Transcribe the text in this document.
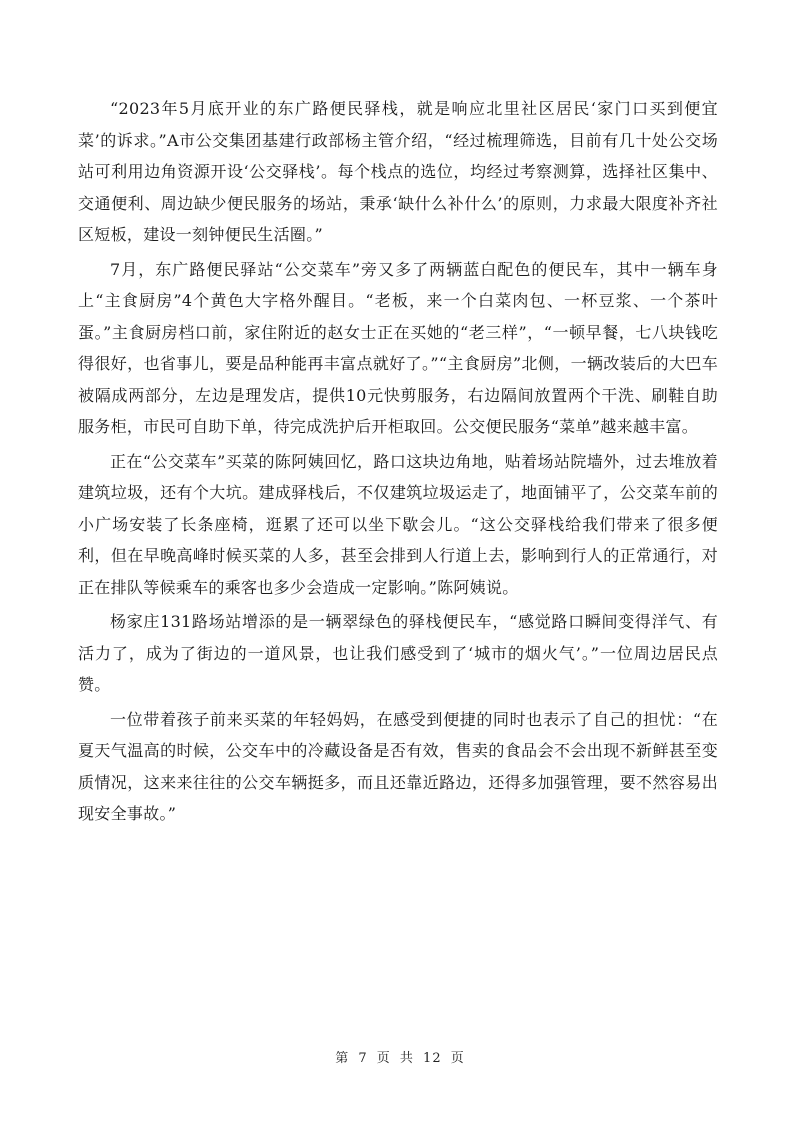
“2023年5月底开业的东广路便民驿栈，就是响应北里社区居民‘家门口买到便宜菜’的诉求。”A市公交集团基建行政部杨主管介绍，“经过梳理筛选，目前有几十处公交场站可利用边角资源开设‘公交驿栈’。每个栈点的选位，均经过考察测算，选择社区集中、交通便利、周边缺少便民服务的场站，秉承‘缺什么补什么’的原则，力求最大限度补齐社区短板，建设一刻钟便民生活圈。”

7月，东广路便民驿站“公交菜车”旁又多了两辆蓝白配色的便民车，其中一辆车身上“主食厨房”4个黄色大字格外醒目。“老板，来一个白菜肉包、一杯豆浆、一个茶叶蛋。”主食厨房档口前，家住附近的赵女士正在买她的“老三样”，“一顿早餐，七八块钱吃得很好，也省事儿，要是品种能再丰富点就好了。”“主食厨房”北侧，一辆改装后的大巴车被隔成两部分，左边是理发店，提供10元快剪服务，右边隔间放置两个干洗、刷鞋自助服务柜，市民可自助下单，待完成洗护后开柜取回。公交便民服务“菜单”越来越丰富。

正在“公交菜车”买菜的陈阿姨回忆，路口这块边角地，贴着场站院墙外，过去堆放着建筑垃圾，还有个大坑。建成驿栈后，不仅建筑垃圾运走了，地面铺平了，公交菜车前的小广场安装了长条座椅，逛累了还可以坐下歇会儿。“这公交驿栈给我们带来了很多便利，但在早晚高峰时候买菜的人多，甚至会排到人行道上去，影响到行人的正常通行，对正在排队等候乘车的乘客也多少会造成一定影响。”陈阿姨说。

杨家庄131路场站增添的是一辆翠绿色的驿栈便民车，“感觉路口瞬间变得洋气、有活力了，成为了街边的一道风景，也让我们感受到了‘城市的烟火气’。”一位周边居民点赞。

一位带着孩子前来买菜的年轻妈妈，在感受到便捷的同时也表示了自己的担忧：“在夏天气温高的时候，公交车中的冷藏设备是否有效，售卖的食品会不会出现不新鲜甚至变质情况，这来来往往的公交车辆挺多，而且还靠近路边，还得多加强管理，要不然容易出现安全事故。”

第 7 页 共 12 页
